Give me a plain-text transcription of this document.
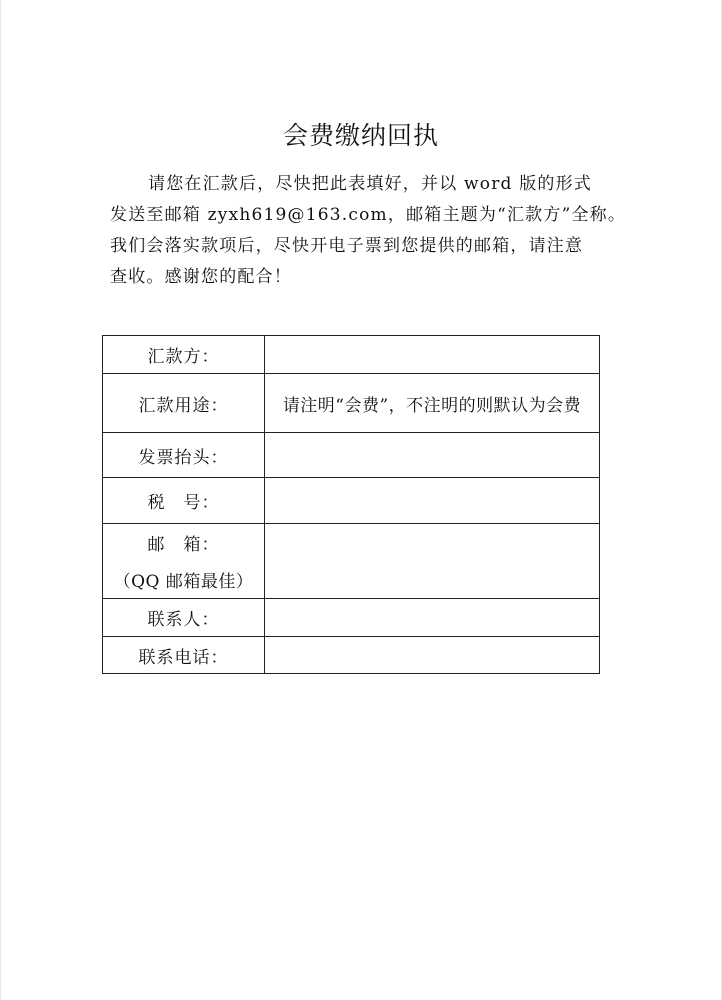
会费缴纳回执
请您在汇款后，尽快把此表填好，并以 word 版的形式
发送至邮箱 zyxh619@163.com，邮箱主题为“汇款方”全称。
我们会落实款项后，尽快开电子票到您提供的邮箱，请注意
查收。感谢您的配合！
汇款方：	
汇款用途：	请注明“会费”，不注明的则默认为会费
发票抬头：	
税　号：	
邮　箱：
（QQ 邮箱最佳）	

联系人：	
联系电话：	
